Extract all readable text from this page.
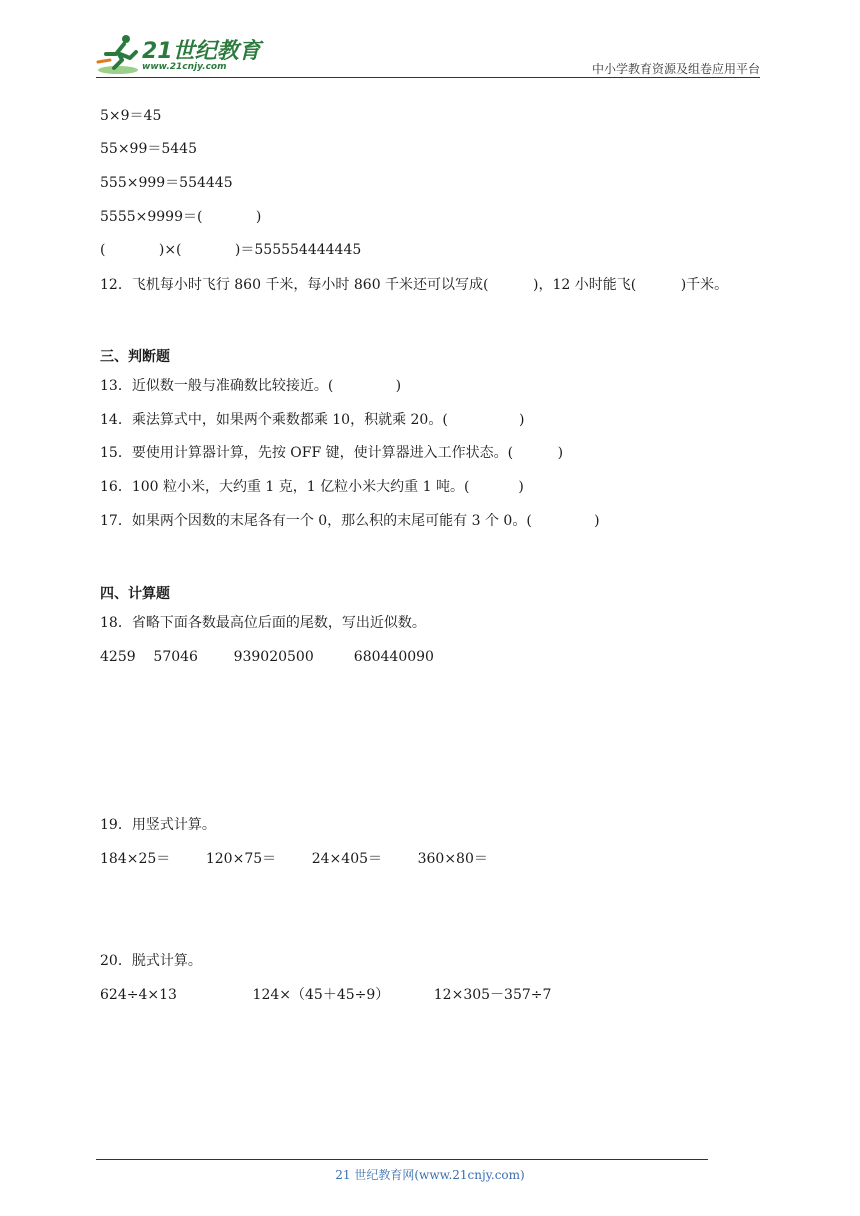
21世纪教育
www.21cnjy.com	中小学教育资源及组卷应用平台
5×9＝45
55×99＝5445
555×999＝554445
5555×9999＝(            )
(            )×(            )＝555554444445
12．飞机每小时飞行 860 千米，每小时 860 千米还可以写成(          )，12 小时能飞(          )千米。
三、判断题
13．近似数一般与准确数比较接近。(              )
14．乘法算式中，如果两个乘数都乘 10，积就乘 20。(                )
15．要使用计算器计算，先按 OFF 键，使计算器进入工作状态。(          )
16．100 粒小米，大约重 1 克，1 亿粒小米大约重 1 吨。(           )
17．如果两个因数的末尾各有一个 0，那么积的末尾可能有 3 个 0。(              )
四、计算题
18．省略下面各数最高位后面的尾数，写出近似数。
4259    57046        939020500         680440090
19．用竖式计算。
184×25＝        120×75＝        24×405＝        360×80＝
20．脱式计算。
624÷4×13                 124×（45＋45÷9）          12×305－357÷7
21 世纪教育网(www.21cnjy.com)
